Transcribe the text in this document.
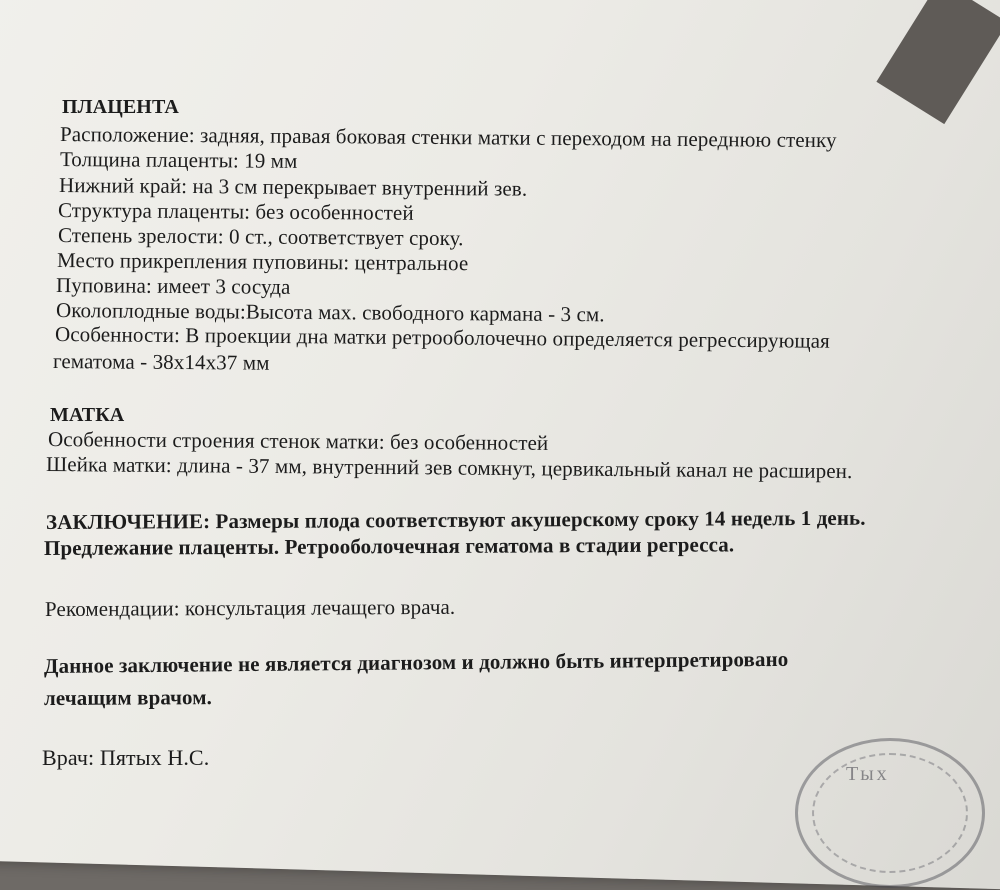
ПЛАЦЕНТА
Расположение: задняя, правая боковая стенки матки с переходом на переднюю стенку
Толщина плаценты: 19 мм
Нижний край: на 3 см перекрывает внутренний зев.
Структура плаценты: без особенностей
Степень зрелости: 0 ст., соответствует сроку.
Место прикрепления пуповины: центральное
Пуповина: имеет 3 сосуда
Околоплодные воды:Высота мах. свободного кармана - 3 см.
Особенности: В проекции дна матки ретрооболочечно определяется регрессирующая
гематома - 38х14х37 мм
МАТКА
Особенности строения стенок матки: без особенностей
Шейка матки: длина - 37 мм, внутренний зев сомкнут, цервикальный канал не расширен.
ЗАКЛЮЧЕНИЕ: Размеры плода соответствуют акушерскому сроку 14 недель 1 день.
Предлежание плаценты. Ретрооболочечная гематома в стадии регресса.
Рекомендации: консультация лечащего врача.
Данное заключение не является диагнозом и должно быть интерпретировано
лечащим врачом.
Врач: Пятых Н.С.
Тых
